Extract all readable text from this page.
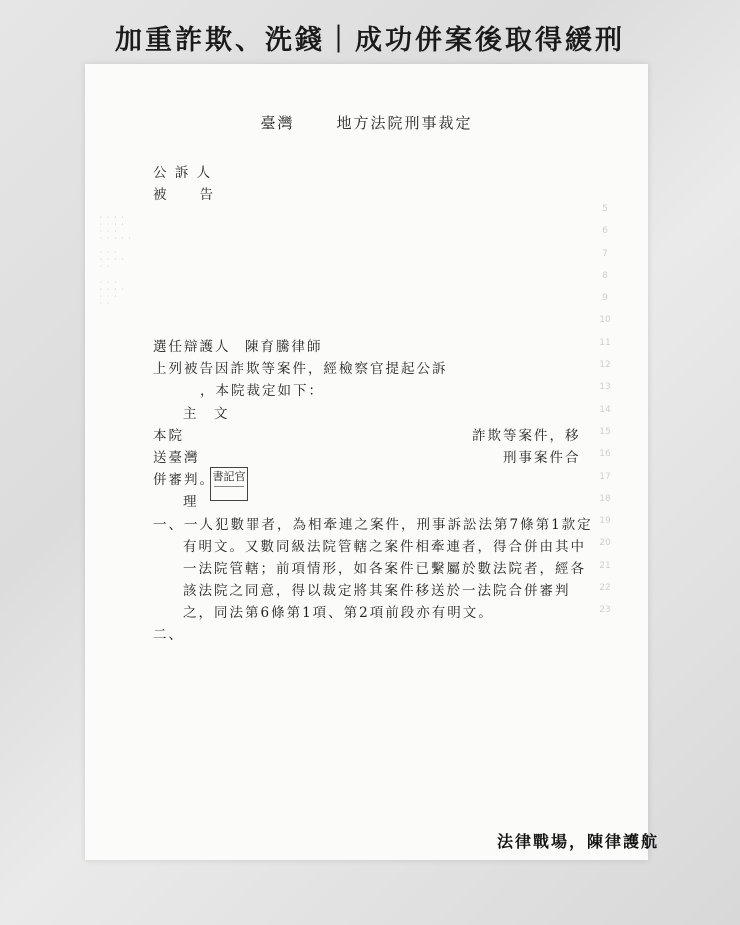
加重詐欺、洗錢｜成功併案後取得緩刑
臺灣	地方法院刑事裁定
公 訴 人
被　　告
· · · ·
· · · ·
· · ·
· · · · ·
· · ·
· · · ·
· ·
· · ·
· · · ·
· · ·
· ·
選任辯護人 陳育騰律師
上列被告因詐欺等案件，經檢察官提起公訴
，本院裁定如下：
主　文
本院	詐欺等案件，移
送臺灣	刑事案件合
併審判。
書記官
理
一、一人犯數罪者，為相牽連之案件，刑事訴訟法第7條第1款定
有明文。又數同級法院管轄之案件相牽連者，得合併由其中
一法院管轄；前項情形，如各案件已繫屬於數法院者，經各
該法院之同意，得以裁定將其案件移送於一法院合併審判
之，同法第6條第1項、第2項前段亦有明文。
二、
5
6
7
8
9
10
11
12
13
14
15
16
17
18
19
20
21
22
23
法律戰場，陳律護航
